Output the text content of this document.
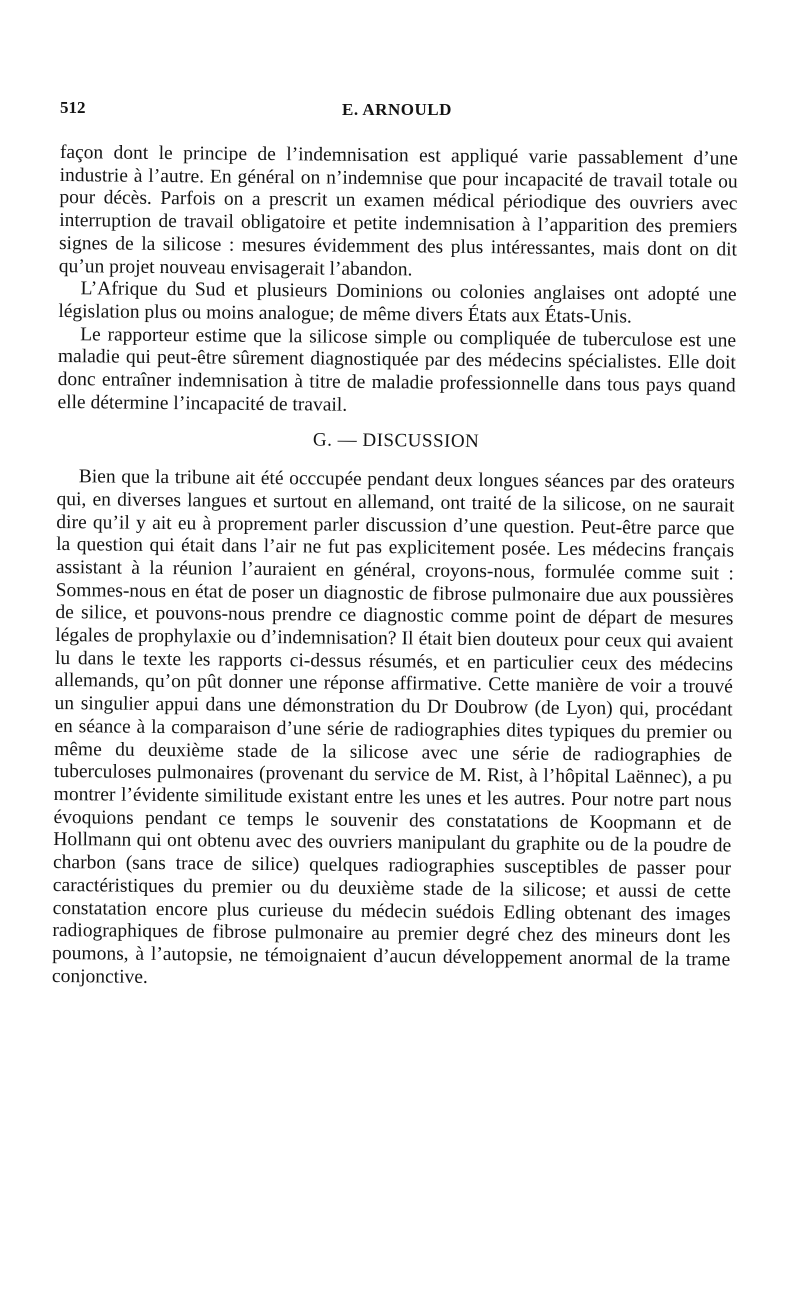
512	E. ARNOULD

façon dont le principe de l’indemnisation est appliqué varie passablement d’une industrie à l’autre. En général on n’indemnise que pour incapacité de travail totale ou pour décès. Parfois on a prescrit un examen médical périodique des ouvriers avec interruption de travail obligatoire et petite indemnisation à l’apparition des premiers signes de la silicose : mesures évidemment des plus intéressantes, mais dont on dit qu’un projet nouveau envisagerait l’abandon.

L’Afrique du Sud et plusieurs Dominions ou colonies anglaises ont adopté une législation plus ou moins analogue; de même divers États aux États-Unis.

Le rapporteur estime que la silicose simple ou compliquée de tuberculose est une maladie qui peut-être sûrement diagnostiquée par des médecins spécialistes. Elle doit donc entraîner indemnisation à titre de maladie professionnelle dans tous pays quand elle détermine l’incapacité de travail.

G. — DISCUSSION

Bien que la tribune ait été occcupée pendant deux longues séances par des orateurs qui, en diverses langues et surtout en allemand, ont traité de la silicose, on ne saurait dire qu’il y ait eu à proprement parler discussion d’une question. Peut-être parce que la question qui était dans l’air ne fut pas explicitement posée. Les médecins français assistant à la réunion l’auraient en général, croyons-nous, formulée comme suit : Sommes-nous en état de poser un diagnostic de fibrose pulmonaire due aux poussières de silice, et pouvons-nous prendre ce diagnostic comme point de départ de mesures légales de prophylaxie ou d’indemnisation? Il était bien douteux pour ceux qui avaient lu dans le texte les rapports ci-dessus résumés, et en particulier ceux des médecins allemands, qu’on pût donner une réponse affirmative. Cette manière de voir a trouvé un singulier appui dans une démonstration du Dr Doubrow (de Lyon) qui, procédant en séance à la comparaison d’une série de radiographies dites typiques du premier ou même du deuxième stade de la silicose avec une série de radiographies de tuberculoses pulmonaires (provenant du service de M. Rist, à l’hôpital Laënnec), a pu montrer l’évidente similitude existant entre les unes et les autres. Pour notre part nous évoquions pendant ce temps le souvenir des constatations de Koopmann et de Hollmann qui ont obtenu avec des ouvriers manipulant du graphite ou de la poudre de charbon (sans trace de silice) quelques radiographies susceptibles de passer pour caractéristiques du premier ou du deuxième stade de la silicose; et aussi de cette constatation encore plus curieuse du médecin suédois Edling obtenant des images radiographiques de fibrose pulmonaire au premier degré chez des mineurs dont les poumons, à l’autopsie, ne témoignaient d’aucun développement anormal de la trame conjonctive.
